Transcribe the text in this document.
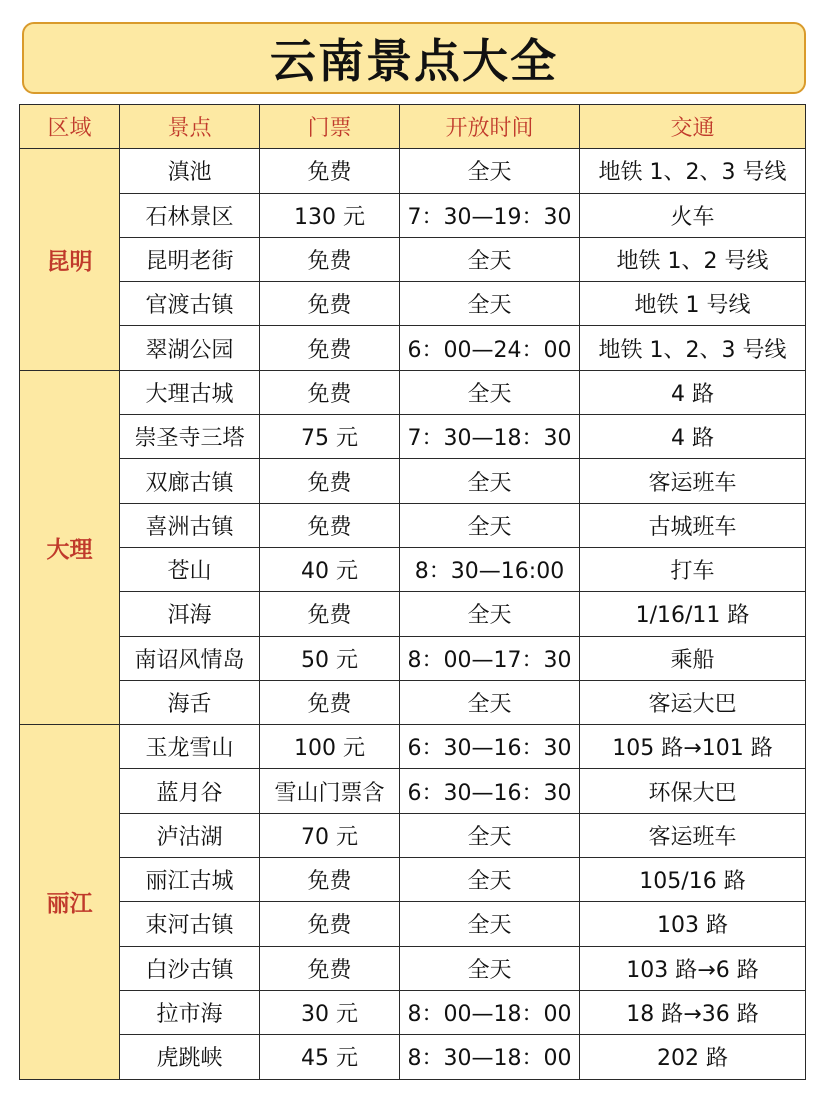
云南景点大全
区域	景点	门票	开放时间	交通
昆明	滇池	免费	全天	地铁 1、2、3 号线
	石林景区	130 元	7：30—19：30	火车
	昆明老街	免费	全天	地铁 1、2 号线
	官渡古镇	免费	全天	地铁 1 号线
	翠湖公园	免费	6：00—24：00	地铁 1、2、3 号线
大理	大理古城	免费	全天	4 路
	崇圣寺三塔	75 元	7：30—18：30	4 路
	双廊古镇	免费	全天	客运班车
	喜洲古镇	免费	全天	古城班车
	苍山	40 元	8：30—16:00	打车
	洱海	免费	全天	1/16/11 路
	南诏风情岛	50 元	8：00—17：30	乘船
	海舌	免费	全天	客运大巴
丽江	玉龙雪山	100 元	6：30—16：30	105 路→101 路
	蓝月谷	雪山门票含	6：30—16：30	环保大巴
	泸沽湖	70 元	全天	客运班车
	丽江古城	免费	全天	105/16 路
	束河古镇	免费	全天	103 路
	白沙古镇	免费	全天	103 路→6 路
	拉市海	30 元	8：00—18：00	18 路→36 路
	虎跳峡	45 元	8：30—18：00	202 路
